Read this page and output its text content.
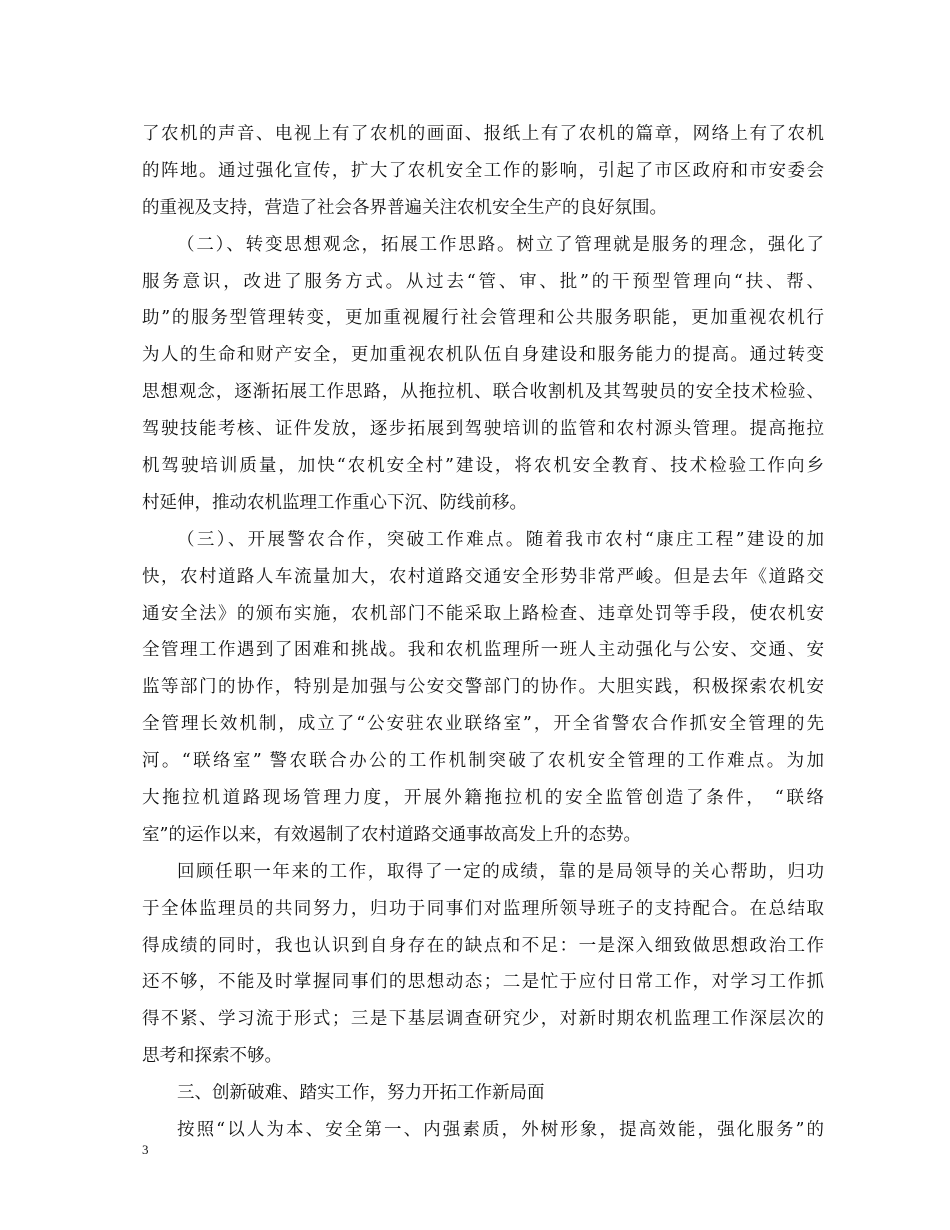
了农机的声音、电视上有了农机的画面、报纸上有了农机的篇章，网络上有了农机
的阵地。通过强化宣传，扩大了农机安全工作的影响，引起了市区政府和市安委会
的重视及支持，营造了社会各界普遍关注农机安全生产的良好氛围。
（二）、转变思想观念，拓展工作思路。树立了管理就是服务的理念，强化了
服务意识，改进了服务方式。从过去“管、审、批”的干预型管理向“扶、帮、
助”的服务型管理转变，更加重视履行社会管理和公共服务职能，更加重视农机行
为人的生命和财产安全，更加重视农机队伍自身建设和服务能力的提高。通过转变
思想观念，逐渐拓展工作思路，从拖拉机、联合收割机及其驾驶员的安全技术检验、
驾驶技能考核、证件发放，逐步拓展到驾驶培训的监管和农村源头管理。提高拖拉
机驾驶培训质量，加快“农机安全村”建设，将农机安全教育、技术检验工作向乡
村延伸，推动农机监理工作重心下沉、防线前移。
（三）、开展警农合作，突破工作难点。随着我市农村“康庄工程”建设的加
快，农村道路人车流量加大，农村道路交通安全形势非常严峻。但是去年《道路交
通安全法》的颁布实施，农机部门不能采取上路检查、违章处罚等手段，使农机安
全管理工作遇到了困难和挑战。我和农机监理所一班人主动强化与公安、交通、安
监等部门的协作，特别是加强与公安交警部门的协作。大胆实践，积极探索农机安
全管理长效机制，成立了“公安驻农业联络室”，开全省警农合作抓安全管理的先
河。“联络室” 警农联合办公的工作机制突破了农机安全管理的工作难点。为加
大拖拉机道路现场管理力度，开展外籍拖拉机的安全监管创造了条件， “联络
室”的运作以来，有效遏制了农村道路交通事故高发上升的态势。
回顾任职一年来的工作，取得了一定的成绩，靠的是局领导的关心帮助，归功
于全体监理员的共同努力，归功于同事们对监理所领导班子的支持配合。在总结取
得成绩的同时，我也认识到自身存在的缺点和不足：一是深入细致做思想政治工作
还不够，不能及时掌握同事们的思想动态；二是忙于应付日常工作，对学习工作抓
得不紧、学习流于形式；三是下基层调查研究少，对新时期农机监理工作深层次的
思考和探索不够。
三、创新破难、踏实工作，努力开拓工作新局面
按照“以人为本、安全第一、内强素质，外树形象，提高效能，强化服务”的
3
